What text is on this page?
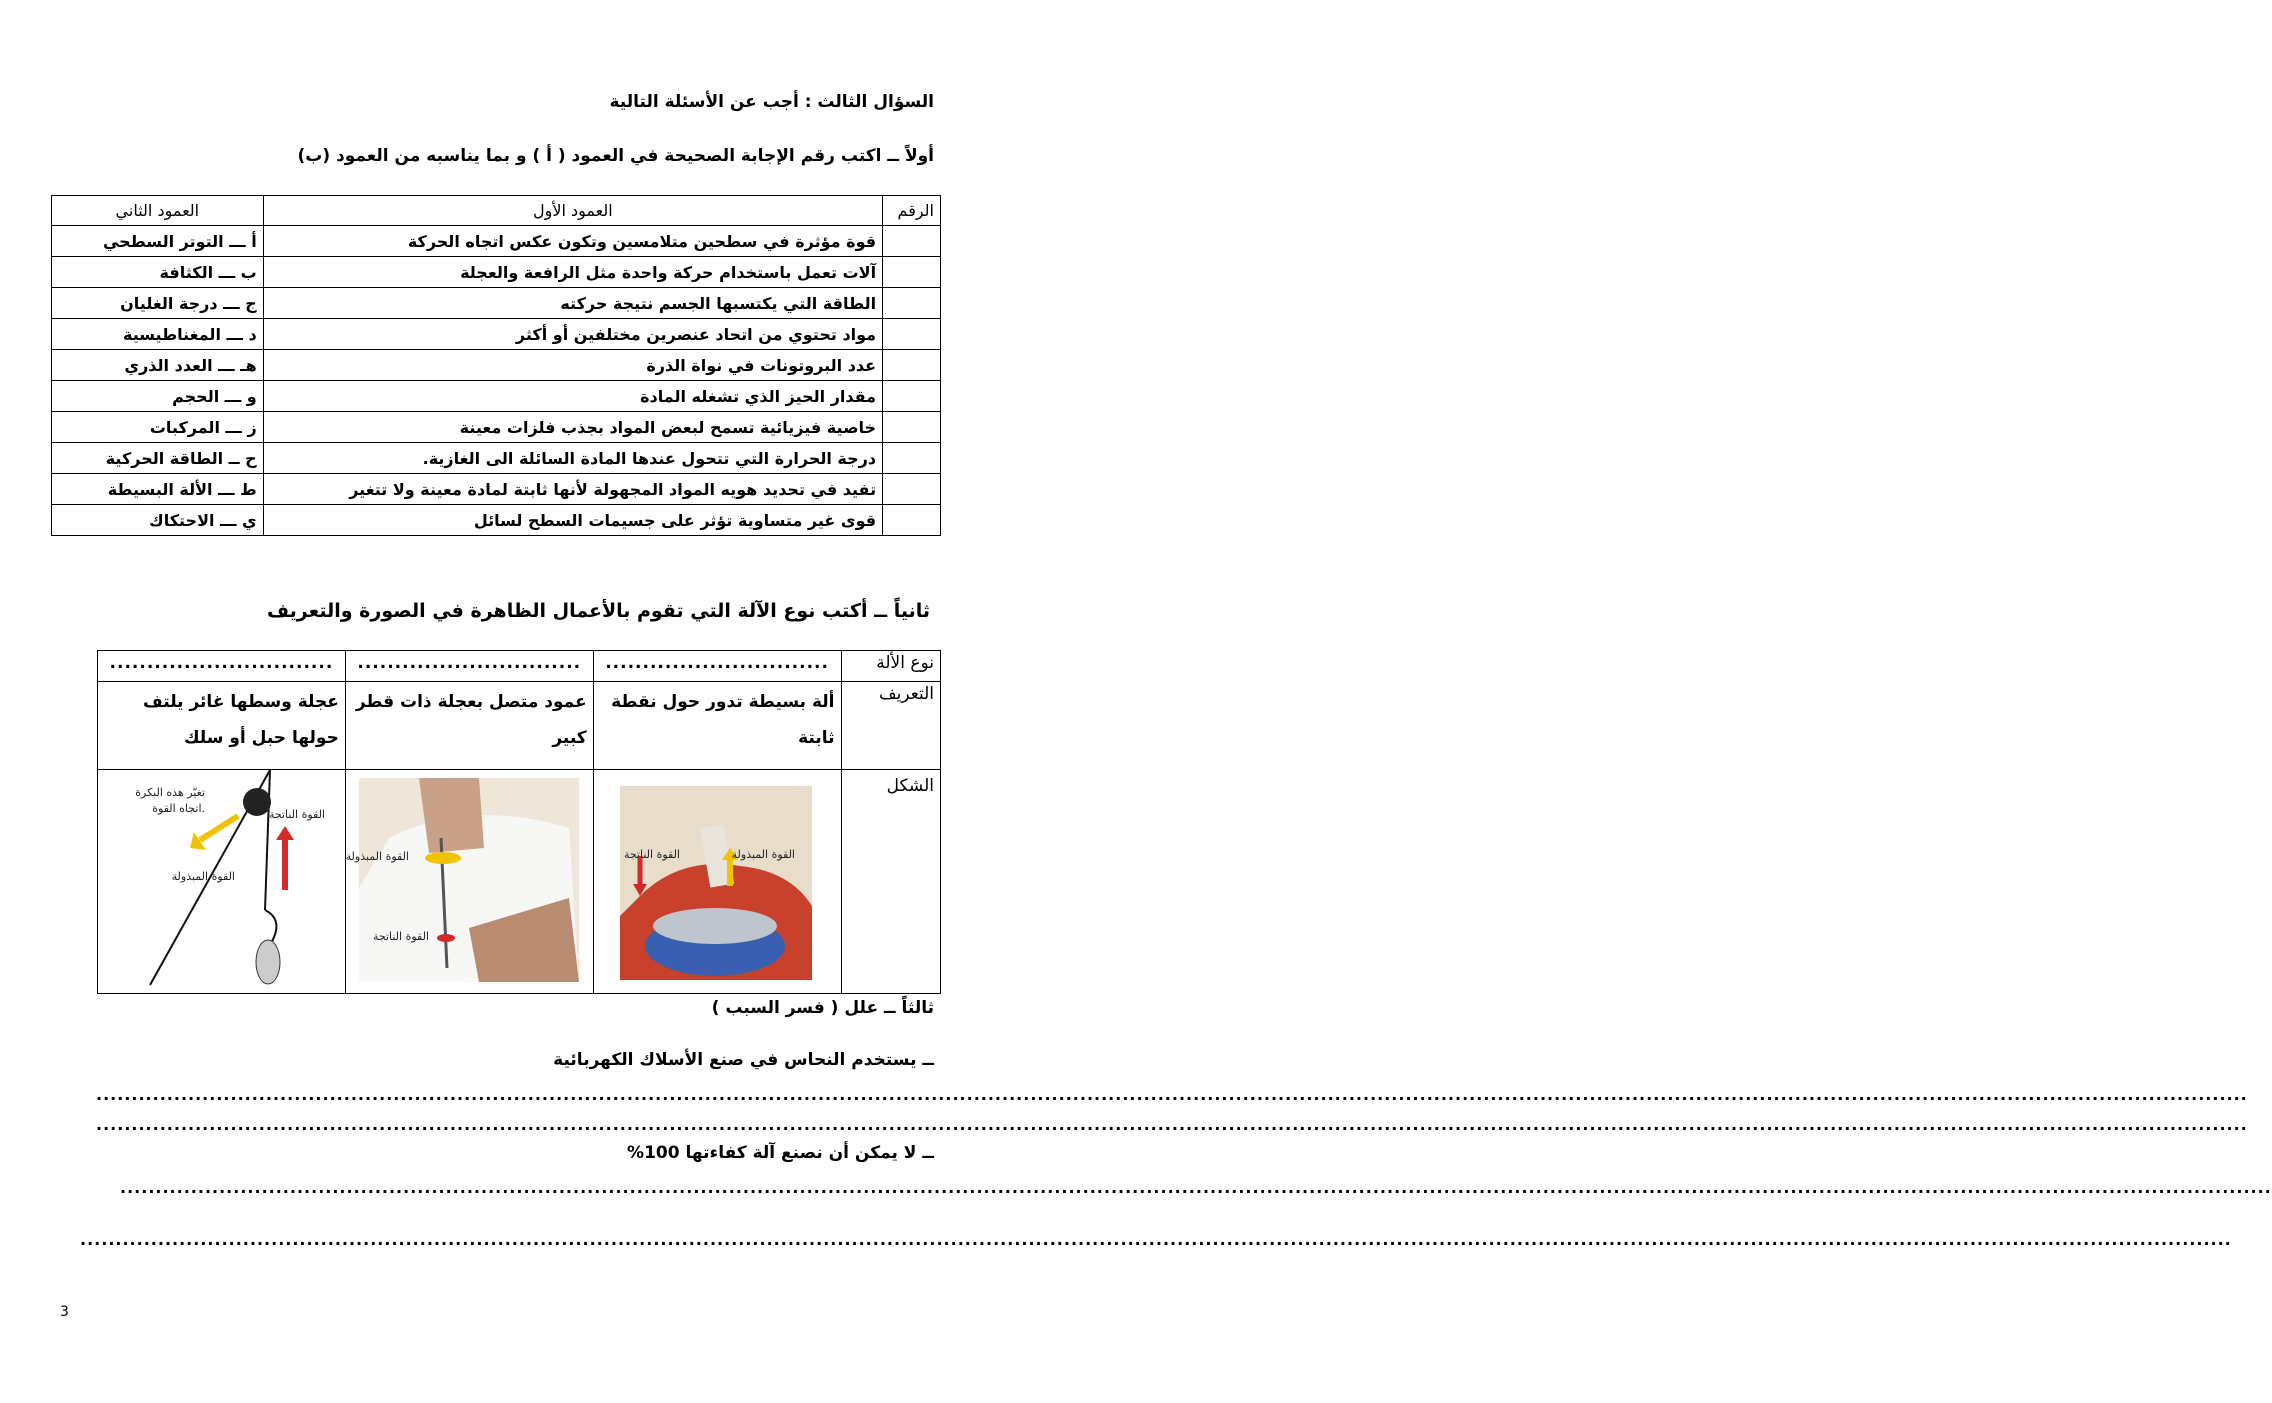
السؤال الثالث : أجب عن الأسئلة التالية
أولاً ــ اكتب رقم الإجابة الصحيحة في العمود ( أ ) و بما يناسبه من العمود (ب)
الرقم	العمود الأول	العمود الثاني
	قوة مؤثرة في سطحين متلامسين وتكون عكس اتجاه الحركة	أ ـــ التوتر السطحي
	آلات تعمل باستخدام حركة واحدة مثل الرافعة والعجلة	ب ـــ الكثافة
	الطاقة التي يكتسبها الجسم نتيجة حركته	ج ـــ درجة الغليان
	مواد تحتوي من اتحاد عنصرين مختلفين أو أكثر	د ـــ المغناطيسية
	عدد البروتونات في نواة الذرة	هـ ـــ العدد الذري
	مقدار الحيز الذي تشغله المادة	و ـــ الحجم
	خاصية فيزيائية تسمح لبعض المواد بجذب فلزات معينة	ز ـــ المركبات
	درجة الحرارة التي تتحول عندها المادة السائلة الى الغازية.	ح ــ الطاقة الحركية
	تفيد في تحديد هويه المواد المجهولة لأنها ثابتة لمادة معينة ولا تتغير	ط ـــ الألة البسيطة
	قوى غير متساوية تؤثر على جسيمات السطح لسائل	ي ـــ الاحتكاك
ثانياً ــ أكتب نوع الآلة التي تقوم بالأعمال الظاهرة في الصورة والتعريف
نوع الألة	..............................	..............................	..............................
التعريف	ألة بسيطة تدور حول نقطة ثابتة	عمود متصل بعجلة ذات قطر كبير	عجلة وسطها غائر يلتف حولها حبل أو سلك
الشكل			
القوة الناتجة	القوة المبذولة
القوة المبذولة
القوة الناتجة
تغيّر هذه البكرة
اتجاه القوة.	القوة الناتجة
القوة المبذولة
ثالثاً ــ علل ( فسر السبب )
ــ يستخدم النحاس في صنع الأسلاك الكهربائية
................................................................................................................................................................................................................................................................................................................
................................................................................................................................................................................................................................................................................................................
ــ لا يمكن أن نصنع آلة كفاءتها 100%
................................................................................................................................................................................................................................................................................................................
................................................................................................................................................................................................................................................................................................................
3
